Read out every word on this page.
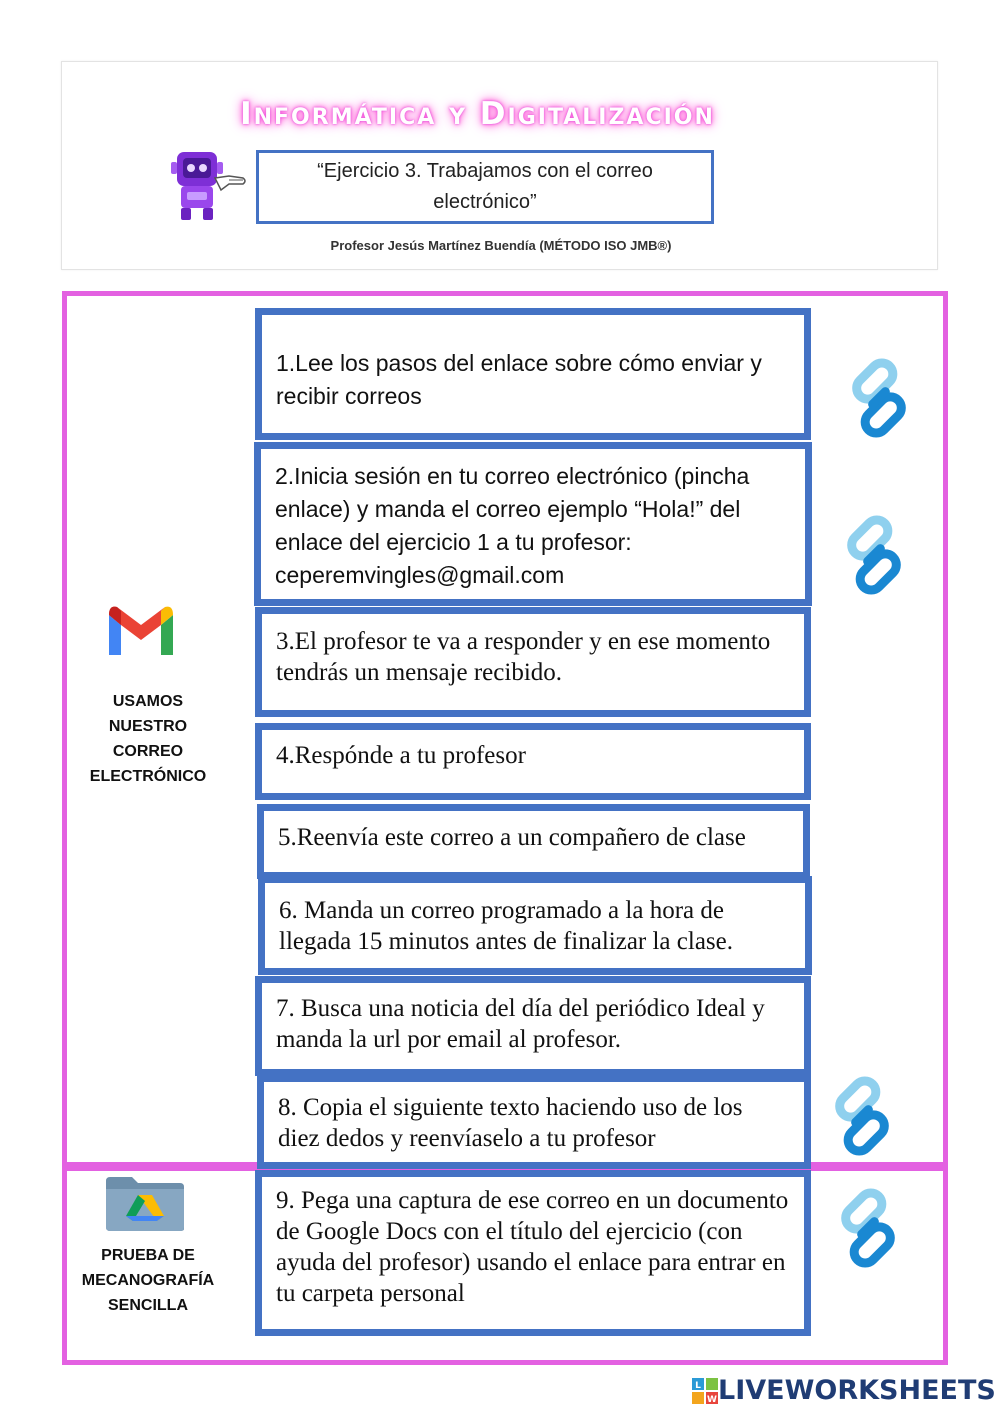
Informática y Digitalización
“Ejercicio 3. Trabajamos con el correo electrónico”
Profesor Jesús Martínez Buendía (MÉTODO ISO JMB®)
USAMOS NUESTRO CORREO ELECTRÓNICO
PRUEBA DE MECANOGRAFÍA SENCILLA
1.Lee los pasos del enlace sobre cómo enviar y recibir correos
2.Inicia sesión en tu correo electrónico (pincha enlace) y manda el correo ejemplo “Hola!” del enlace del ejercicio 1 a tu profesor: ceperemvingles@gmail.com
3.El profesor te va a responder y en ese momento tendrás un mensaje recibido.
4.Respónde a tu profesor
5.Reenvía este correo a un compañero de clase
6. Manda un correo programado a la hora de llegada 15 minutos antes de finalizar la clase.
7. Busca una noticia del día del periódico Ideal y manda la url por email al profesor.
8. Copia el siguiente texto haciendo uso de los diez dedos y reenvíaselo a tu profesor
9. Pega una captura de ese correo en un documento de Google Docs con el título del ejercicio (con ayuda del profesor) usando el enlace para entrar en tu carpeta personal
L
W LIVEWORKSHEETS
